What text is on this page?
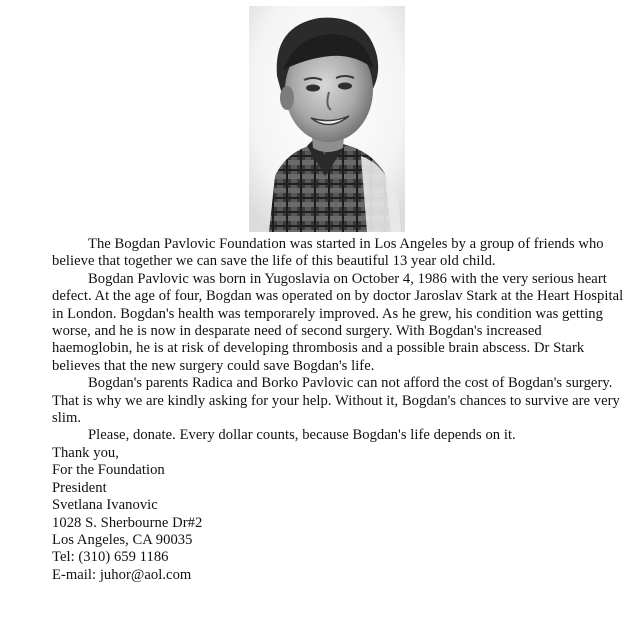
The Bogdan Pavlovic Foundation was started in Los Angeles by a group of friends who believe that together we can save the life of this beautiful 13 year old child.

Bogdan Pavlovic was born in Yugoslavia on October 4, 1986 with the very serious heart defect. At the age of four, Bogdan was operated on by doctor Jaroslav Stark at the Heart Hospital in London. Bogdan's health was temporarely improved. As he grew, his condition was getting worse, and he is now in desparate need of second surgery. With Bogdan's increased haemoglobin, he is at risk of developing thrombosis and a possible brain abscess. Dr Stark believes that the new surgery could save Bogdan's life.

Bogdan's parents Radica and Borko Pavlovic can not afford the cost of Bogdan's surgery. That is why we are kindly asking for your help. Without it, Bogdan's chances to survive are very slim.

Please, donate. Every dollar counts, because Bogdan's life depends on it.

Thank you,

For the Foundation

President

Svetlana Ivanovic

1028 S. Sherbourne Dr#2

Los Angeles, CA 90035

Tel: (310) 659 1186

E-mail: juhor@aol.com
